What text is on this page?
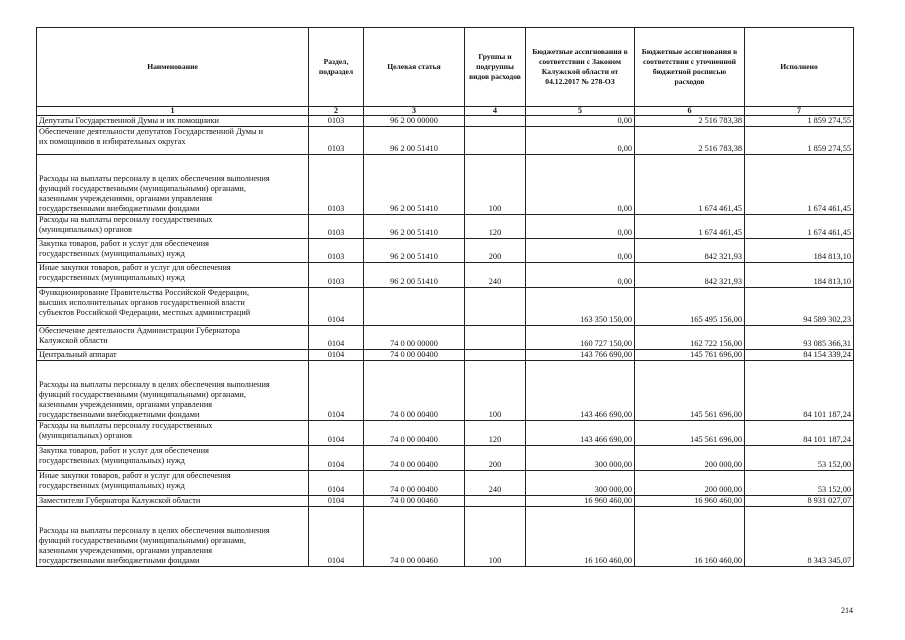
Наименование	Раздел, подраздел	Целевая статья	Группы и подгруппы видов расходов	Бюджетные ассигнования в соответствии с Законом Калужской области от 04.12.2017 № 278-ОЗ	Бюджетные ассигнования в соответствии с уточненной бюджетной росписью расходов	Исполнено
1	2	3	4	5	6	7
Депутаты Государственной Думы и их помощники	0103	96 2 00 00000		0,00	2 516 783,38	1 859 274,55
Обеспечение деятельности депутатов Государственной Думы и
их помощников в избирательных округах	0103	96 2 00 51410		0,00	2 516 783,38	1 859 274,55
Расходы на выплаты персоналу в целях обеспечения выполнения
функций государственными (муниципальными) органами,
казенными учреждениями, органами управления
государственными внебюджетными фондами	0103	96 2 00 51410	100	0,00	1 674 461,45	1 674 461,45
Расходы на выплаты персоналу государственных
(муниципальных) органов	0103	96 2 00 51410	120	0,00	1 674 461,45	1 674 461,45
Закупка товаров, работ и услуг для обеспечения
государственных (муниципальных) нужд	0103	96 2 00 51410	200	0,00	842 321,93	184 813,10
Иные закупки товаров, работ и услуг для обеспечения
государственных (муниципальных) нужд	0103	96 2 00 51410	240	0,00	842 321,93	184 813,10
Функционирование Правительства Российской Федерации,
высших исполнительных органов государственной власти
субъектов Российской Федерации, местных администраций	0104			163 350 150,00	165 495 156,00	94 589 302,23
Обеспечение деятельности Администрации Губернатора
Калужской области	0104	74 0 00 00000		160 727 150,00	162 722 156,00	93 085 366,31
Центральный аппарат	0104	74 0 00 00400		143 766 690,00	145 761 696,00	84 154 339,24
Расходы на выплаты персоналу в целях обеспечения выполнения
функций государственными (муниципальными) органами,
казенными учреждениями, органами управления
государственными внебюджетными фондами	0104	74 0 00 00400	100	143 466 690,00	145 561 696,00	84 101 187,24
Расходы на выплаты персоналу государственных
(муниципальных) органов	0104	74 0 00 00400	120	143 466 690,00	145 561 696,00	84 101 187,24
Закупка товаров, работ и услуг для обеспечения
государственных (муниципальных) нужд	0104	74 0 00 00400	200	300 000,00	200 000,00	53 152,00
Иные закупки товаров, работ и услуг для обеспечения
государственных (муниципальных) нужд	0104	74 0 00 00400	240	300 000,00	200 000,00	53 152,00
Заместители Губернатора Калужской области	0104	74 0 00 00460		16 960 460,00	16 960 460,00	8 931 027,07
Расходы на выплаты персоналу в целях обеспечения выполнения
функций государственными (муниципальными) органами,
казенными учреждениями, органами управления
государственными внебюджетными фондами	0104	74 0 00 00460	100	16 160 460,00	16 160 460,00	8 343 345,07
214
